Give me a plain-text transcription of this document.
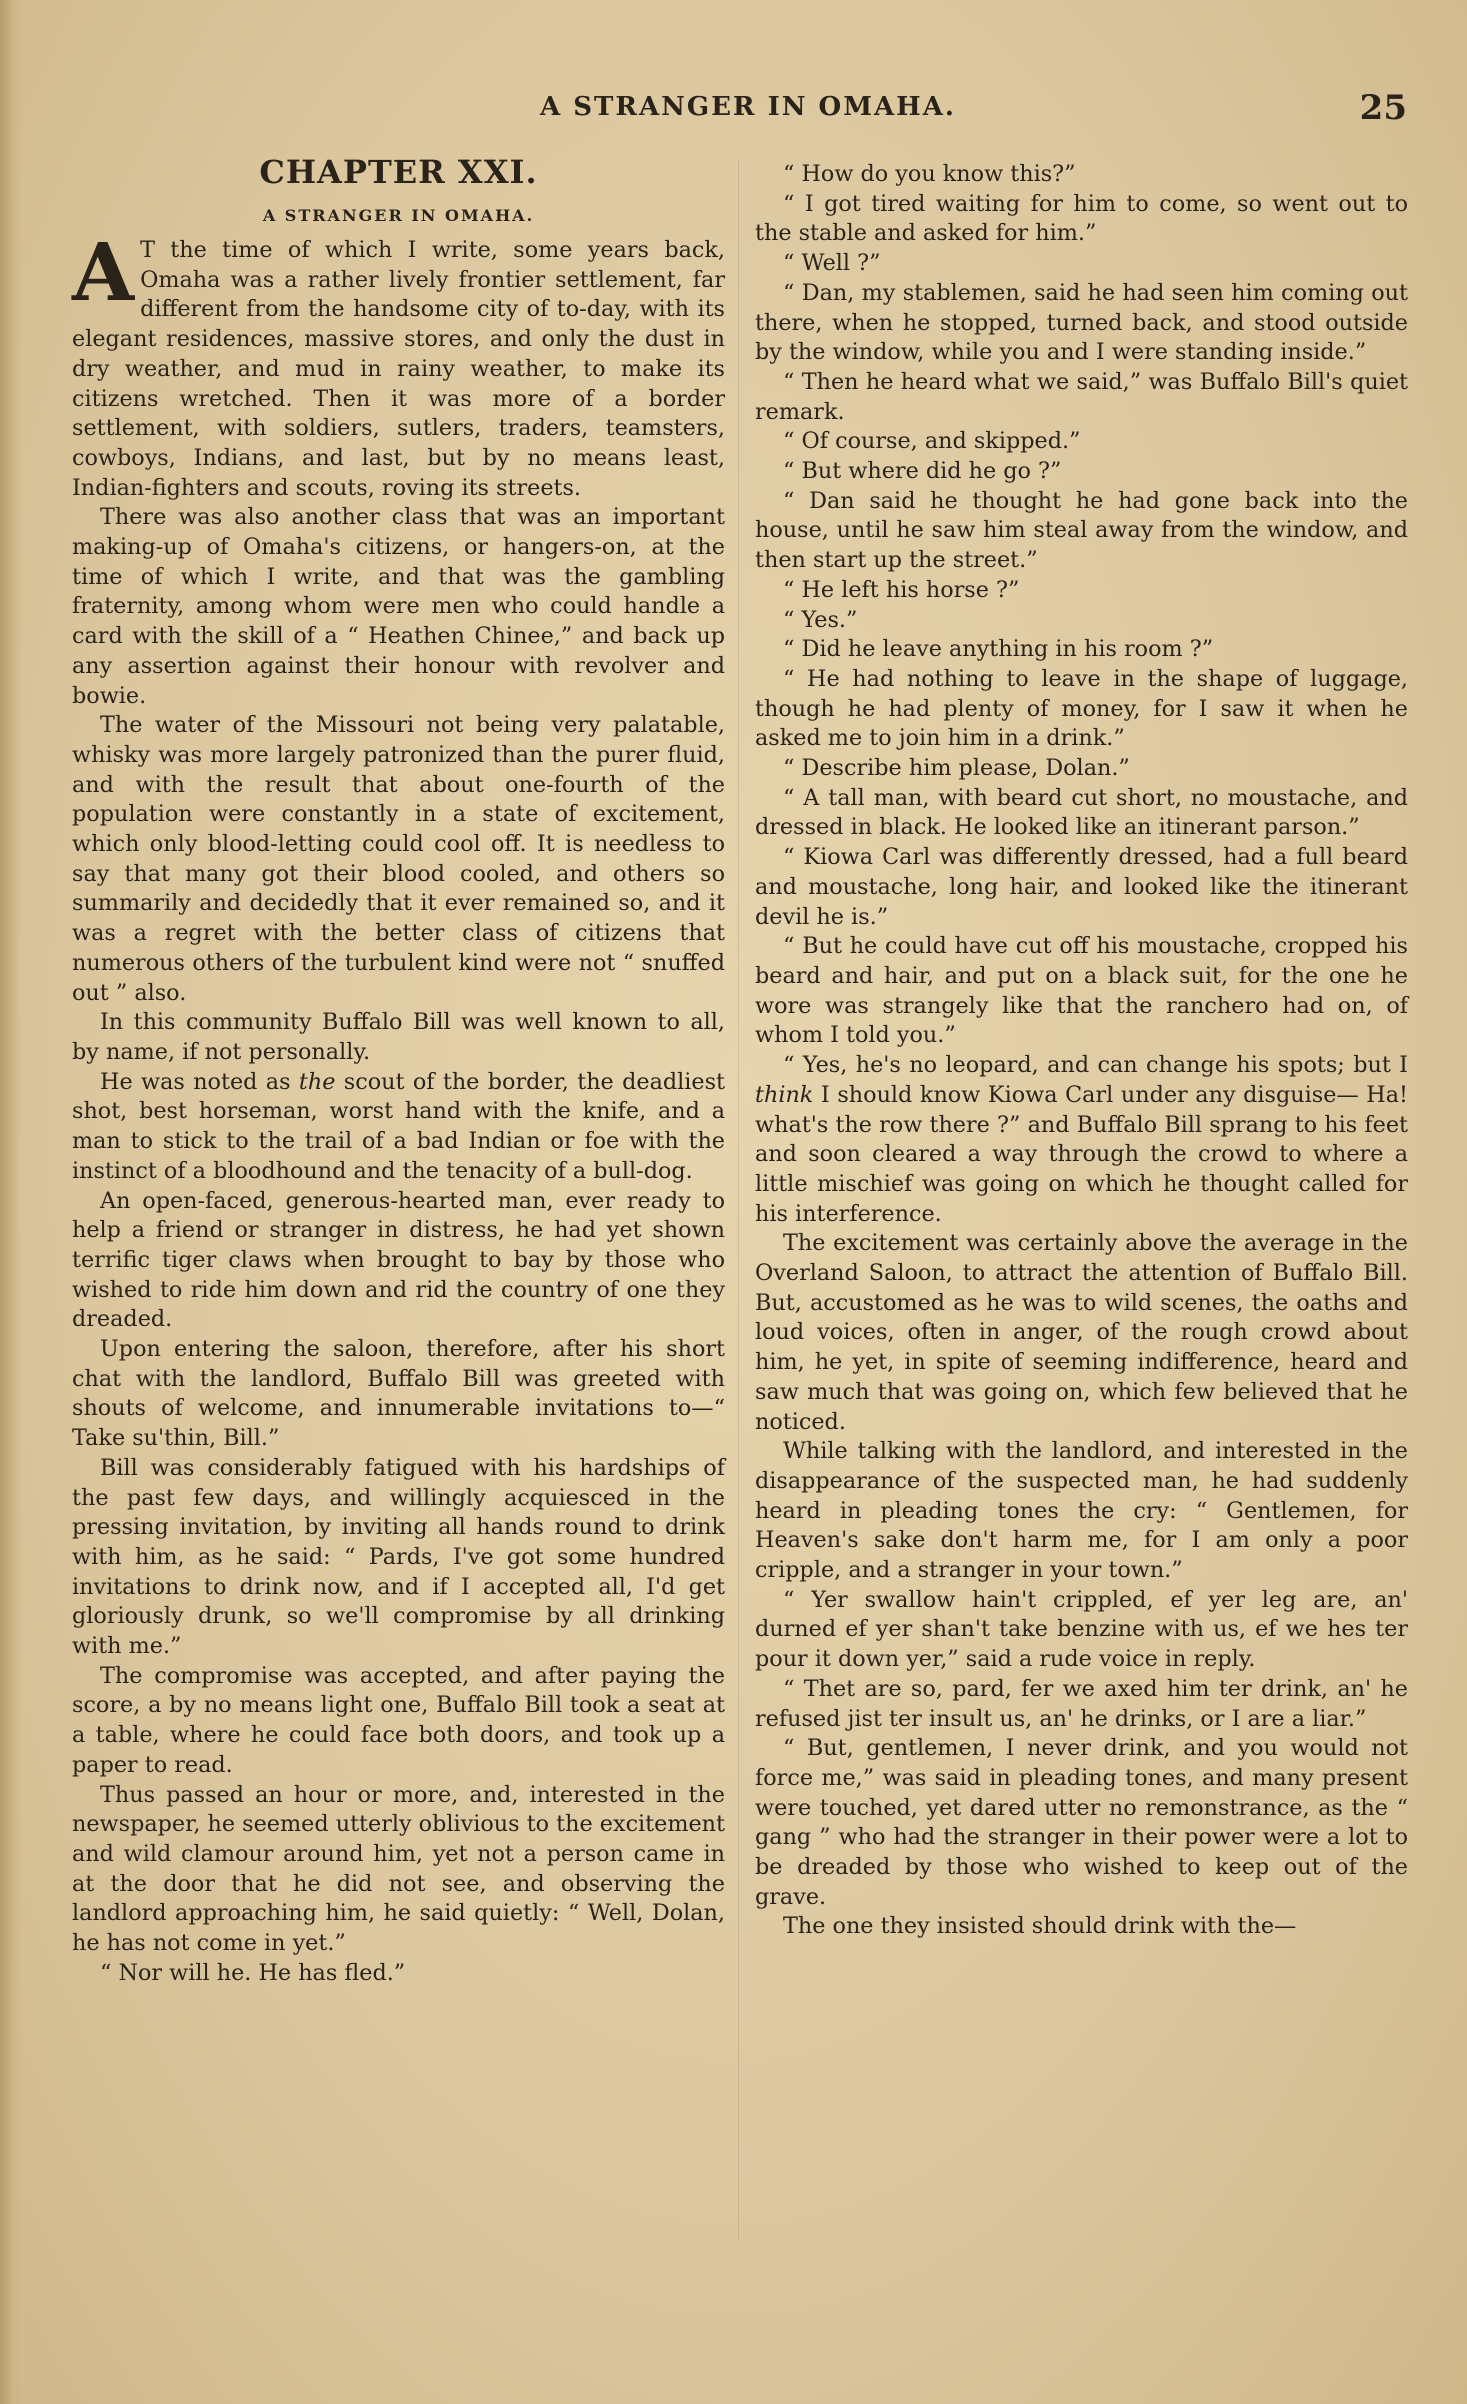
A STRANGER IN OMAHA.	25
CHAPTER XXI.
A STRANGER IN OMAHA.

A T the time of which I write, some years back, Omaha was a rather lively frontier settlement, far different from the handsome city of to-day, with its elegant residences, massive stores, and only the dust in dry weather, and mud in rainy weather, to make its citizens wretched. Then it was more of a border settlement, with soldiers, sutlers, traders, teamsters, cowboys, Indians, and last, but by no means least, Indian-fighters and scouts, roving its streets.

There was also another class that was an important making-up of Omaha's citizens, or hangers-on, at the time of which I write, and that was the gambling fraternity, among whom were men who could handle a card with the skill of a “ Heathen Chinee,” and back up any assertion against their honour with revolver and bowie.

The water of the Missouri not being very palatable, whisky was more largely patronized than the purer fluid, and with the result that about one-fourth of the population were constantly in a state of excitement, which only blood-letting could cool off. It is needless to say that many got their blood cooled, and others so summarily and decidedly that it ever remained so, and it was a regret with the better class of citizens that numerous others of the turbulent kind were not “ snuffed out ” also.

In this community Buffalo Bill was well known to all, by name, if not personally.

He was noted as the scout of the border, the deadliest shot, best horseman, worst hand with the knife, and a man to stick to the trail of a bad Indian or foe with the instinct of a bloodhound and the tenacity of a bull-dog.

An open-faced, generous-hearted man, ever ready to help a friend or stranger in distress, he had yet shown terrific tiger claws when brought to bay by those who wished to ride him down and rid the country of one they dreaded.

Upon entering the saloon, therefore, after his short chat with the landlord, Buffalo Bill was greeted with shouts of welcome, and innumerable invitations to—“ Take su'thin, Bill.”

Bill was considerably fatigued with his hardships of the past few days, and willingly acquiesced in the pressing invitation, by inviting all hands round to drink with him, as he said: “ Pards, I've got some hundred invitations to drink now, and if I accepted all, I'd get gloriously drunk, so we'll compromise by all drinking with me.”

The compromise was accepted, and after paying the score, a by no means light one, Buffalo Bill took a seat at a table, where he could face both doors, and took up a paper to read.

Thus passed an hour or more, and, interested in the newspaper, he seemed utterly oblivious to the excitement and wild clamour around him, yet not a person came in at the door that he did not see, and observing the landlord approaching him, he said quietly: “ Well, Dolan, he has not come in yet.”

“ Nor will he. He has fled.”

“ How do you know this?”

“ I got tired waiting for him to come, so went out to the stable and asked for him.”

“ Well ?”

“ Dan, my stablemen, said he had seen him coming out there, when he stopped, turned back, and stood outside by the window, while you and I were standing inside.”

“ Then he heard what we said,” was Buffalo Bill's quiet remark.

“ Of course, and skipped.”

“ But where did he go ?”

“ Dan said he thought he had gone back into the house, until he saw him steal away from the window, and then start up the street.”

“ He left his horse ?”

“ Yes.”

“ Did he leave anything in his room ?”

“ He had nothing to leave in the shape of luggage, though he had plenty of money, for I saw it when he asked me to join him in a drink.”

“ Describe him please, Dolan.”

“ A tall man, with beard cut short, no moustache, and dressed in black. He looked like an itinerant parson.”

“ Kiowa Carl was differently dressed, had a full beard and moustache, long hair, and looked like the itinerant devil he is.”

“ But he could have cut off his moustache, cropped his beard and hair, and put on a black suit, for the one he wore was strangely like that the ranchero had on, of whom I told you.”

“ Yes, he's no leopard, and can change his spots; but I think I should know Kiowa Carl under any disguise— Ha! what's the row there ?” and Buffalo Bill sprang to his feet and soon cleared a way through the crowd to where a little mischief was going on which he thought called for his interference.

The excitement was certainly above the average in the Overland Saloon, to attract the attention of Buffalo Bill. But, accustomed as he was to wild scenes, the oaths and loud voices, often in anger, of the rough crowd about him, he yet, in spite of seeming indifference, heard and saw much that was going on, which few believed that he noticed.

While talking with the landlord, and interested in the disappearance of the suspected man, he had suddenly heard in pleading tones the cry: “ Gentlemen, for Heaven's sake don't harm me, for I am only a poor cripple, and a stranger in your town.”

“ Yer swallow hain't crippled, ef yer leg are, an' durned ef yer shan't take benzine with us, ef we hes ter pour it down yer,” said a rude voice in reply.

“ Thet are so, pard, fer we axed him ter drink, an' he refused jist ter insult us, an' he drinks, or I are a liar.”

“ But, gentlemen, I never drink, and you would not force me,” was said in pleading tones, and many present were touched, yet dared utter no remonstrance, as the “ gang ” who had the stranger in their power were a lot to be dreaded by those who wished to keep out of the grave.

The one they insisted should drink with the—
